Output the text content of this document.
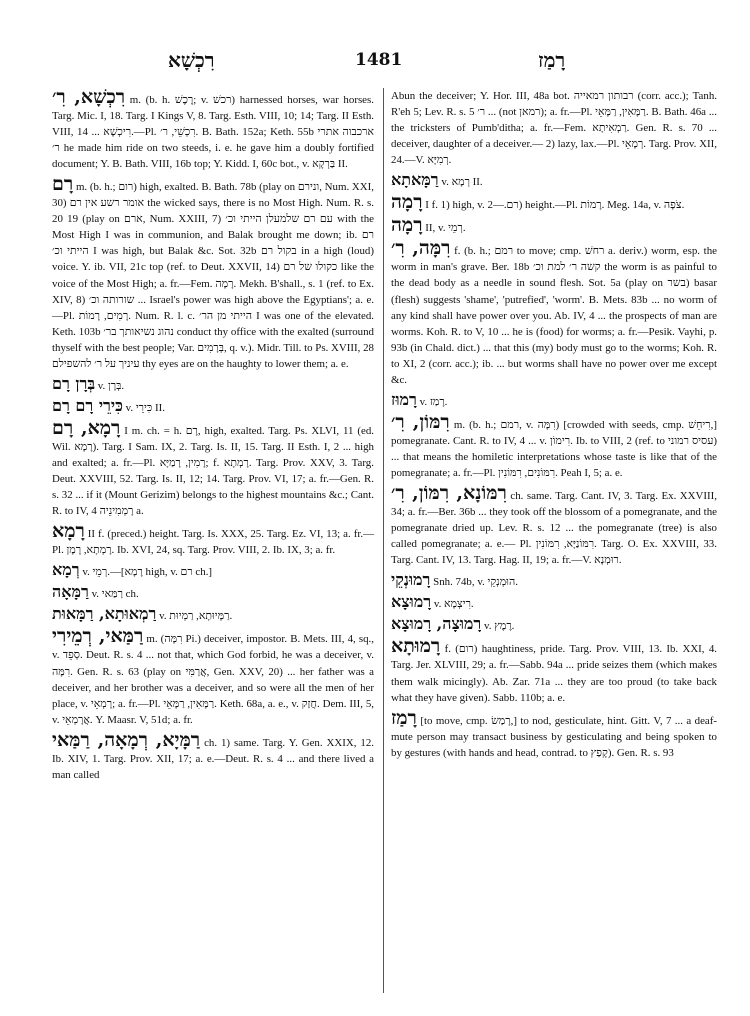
רִכְשָׁא	1481	רָמַז

רִכְשָׁא, רִ׳ m. (b. h. רֶכֶשׁ; v. רכשׁ) harnessed horses, war horses. Targ. Mic. I, 18. Targ. I Kings V, 8. Targ. Esth. VIII, 10; 14; Targ. II Esth. VIII, 14 ... רִיכְשָׁא.—Pl. רִכְשֵׁי, ר׳. B. Bath. 152a; Keth. 55b ארכבוה אתרי ר׳ he made him ride on two steeds, i. e. he gave him a doubly fortified document; Y. B. Bath. VIII, 16b top; Y. Kidd. I, 60c bot., v. בַּרְקָא II.

רָם m. (b. h.; רום) high, exalted. B. Bath. 78b (play on ונירם, Num. XXI, 30) אומר רשע אין רם the wicked says, there is no Most High. Num. R. s. 20 19 (play on ארם, Num. XXIII, 7) עם רם שלמעלן הייתי וכ׳ with the Most High I was in communion, and Balak brought me down; ib. רם הייתי וכ׳ I was high, but Balak &c. Sot. 32b בקול רם in a high (loud) voice. Y. ib. VII, 21c top (ref. to Deut. XXVII, 14) כקולו של רם like the voice of the Most High; a. fr.—Fem. רָמָה. Mekh. B'shall., s. 1 (ref. to Ex. XIV, 8) שורותה וכ׳ ... Israel's power was high above the Egyptians'; a. e.—Pl. רָמִים, רָמוֹת. Num. R. l. c. הייתי מן הר׳ I was one of the elevated. Keth. 103b נהוג נשיאותך בר׳ conduct thy office with the exalted (surround thyself with the best people; Var. בְּרָמִים, q. v.). Midr. Till. to Ps. XVIII, 28 עיניך על ר׳ להשפילם thy eyes are on the haughty to lower them; a. e.

בְּרָן רָם v. בְּרָן.

כִּירֵי רָם רָם v. כִּירֵי II.

רָמָא, רָם I m. ch. = h. רָם, high, exalted. Targ. Ps. XLVI, 11 (ed. Wil. רָמָא). Targ. I Sam. IX, 2. Targ. Is. II, 15. Targ. II Esth. I, 2 ... high and exalted; a. fr.—Pl. רָמִין, רָמַיָּא; f. רָמְתָא. Targ. Prov. XXV, 3. Targ. Deut. XXVIII, 52. Targ. Is. II, 12; 14. Targ. Prov. VI, 17; a. fr.—Gen. R. s. 32 ... if it (Mount Gerizim) belongs to the highest mountains &c.; Cant. R. to IV, 4 רָמְמִינֵיה a.

רָמָא II f. (preced.) height. Targ. Is. XXX, 25. Targ. Ez. VI, 13; a. fr.—Pl. רָמְתָא, רָמָן. Ib. XVI, 24, sq. Targ. Prov. VIII, 2. Ib. IX, 3; a. fr.

רְמָא v. רְמֵי.—[רָמָא high, v. רם ch.]

רַמָּאָה v. רַמַּאי ch.

רַמְאוּתָא, רַמָּאוּת v. רַמָּיוּתָא, רַמְיוּת.

רַמַּאי, רְמֵירִי m. (רִמָּה Pi.) deceiver, impostor. B. Mets. III, 4, sq., v. סְפֵד. Deut. R. s. 4 ... not that, which God forbid, he was a deceiver, v. רִמָּה. Gen. R. s. 63 (play on אֲרַמִּי, Gen. XXV, 20) ... her father was a deceiver, and her brother was a deceiver, and so were all the men of her place, v. רָמְאֵי; a. fr.—Pl. רַמָּאִין, רַמָּאֵי. Keth. 68a, a. e., v. חֲזַק. Dem. III, 5, v. אֲרָמְאֵי. Y. Maasr. V, 51d; a. fr.

רַמָּיָא, רְמָאָה, רַמַּאי ch. 1) same. Targ. Y. Gen. XXIX, 12. Ib. XIV, 1. Targ. Prov. XII, 17; a. e.—Deut. R. s. 4 ... and there lived a man called

Abun the deceiver; Y. Hor. III, 48a bot. רבותון רמאייה (corr. acc.); Tanh. R'eh 5; Lev. R. s. 5 ר׳ ... (not רמאן); a. fr.—Pl. רַמָּאִין, רַמָּאֵי. B. Bath. 46a ... the tricksters of Pumb'ditha; a. fr.—Fem. רַמְאִיתָא. Gen. R. s. 70 ... deceiver, daughter of a deceiver.— 2) lazy, lax.—Pl. רְמָאֵי. Targ. Prov. XII, 24.—V. רְמִיָּא.

רַמָּאתָא v. רְמָא II.

רָמָה I f. 1) high, v. רם.—2) height.—Pl. רָמוֹת. Meg. 14a, v. צֹפָה.

רָמָה II, v. רְמֵי.

רִמָּה, רִ׳ f. (b. h.; רמם to move; cmp. רחשׁ a. deriv.) worm, esp. the worm in man's grave. Ber. 18b קשה ר׳ למת וכ׳ the worm is as painful to the dead body as a needle in sound flesh. Sot. 5a (play on בשר) basar (flesh) suggests 'shame', 'putrefied', 'worm'. B. Mets. 83b ... no worm of any kind shall have power over you. Ab. IV, 4 ... the prospects of man are worms. Koh. R. to V, 10 ... he is (food) for worms; a. fr.—Pesik. Vayhi, p. 93b (in Chald. dict.) ... that this (my) body must go to the worms; Koh. R. to XI, 2 (corr. acc.); ib. ... but worms shall have no power over me except &c.

רָמוּז v. רָמַז.

רִמּוֹן, רִ׳ m. (b. h.; רמם, v. רִמָּה) [crowded with seeds, cmp. רִיחֵשׁ,] pomegranate. Cant. R. to IV, 4 ... v. רִימוֹן. Ib. to VIII, 2 (ref. to עסיס רמוני) ... that means the homiletic interpretations whose taste is like that of the pomegranate; a. fr.—Pl. רִמּוֹנִים, רִמּוֹנִין. Peah I, 5; a. e.

רִמּוֹנָא, רִמּוֹן, רִ׳ ch. same. Targ. Cant. IV, 3. Targ. Ex. XXVIII, 34; a. fr.—Ber. 36b ... they took off the blossom of a pomegranate, and the pomegranate dried up. Lev. R. s. 12 ... the pomegranate (tree) is also called pomegranate; a. e.— Pl. רִמּוֹנַיָּא, רִמּוֹנִין. Targ. O. Ex. XXVIII, 33. Targ. Cant. IV, 13. Targ. Hag. II, 19; a. fr.—V. רוּמְנָא.

רָמוּנְקֵי Snh. 74b, v. הוּמְנְקֵי.

רָמוּצָא v. רִיצְמָא.

רָמוּצָה, רָמוּצָא v. רֶמֶץ.

רָמוּתָא f. (רום) haughtiness, pride. Targ. Prov. VIII, 13. Ib. XXI, 4. Targ. Jer. XLVIII, 29; a. fr.—Sabb. 94a ... pride seizes them (which makes them walk micingly). Ab. Zar. 71a ... they are too proud (to take back what they have given). Sabb. 110b; a. e.

רָמַז [to move, cmp. רָמַשׂ,] to nod, gesticulate, hint. Gitt. V, 7 ... a deaf-mute person may transact business by gesticulating and being spoken to by gestures (with hands and head, contrad. to קָפַץ). Gen. R. s. 93
